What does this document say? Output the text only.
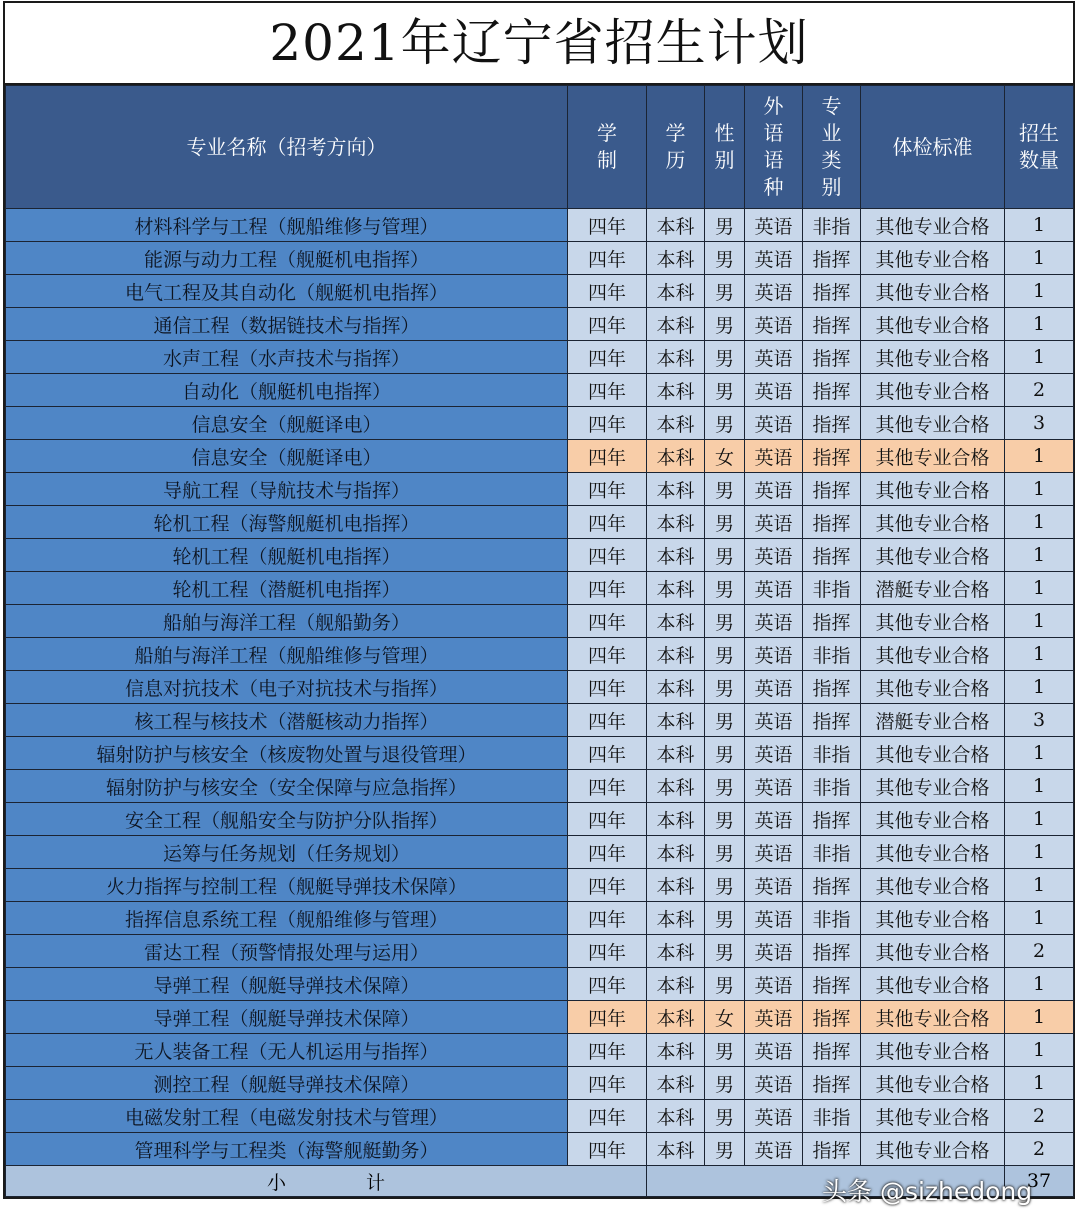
2021年辽宁省招生计划
专业名称（招考方向）	学制	学历	性别	外语语种	专业类别	体检标准	招生数量
材料科学与工程（舰船维修与管理）	四年	本科	男	英语	非指	其他专业合格	1
能源与动力工程（舰艇机电指挥）	四年	本科	男	英语	指挥	其他专业合格	1
电气工程及其自动化（舰艇机电指挥）	四年	本科	男	英语	指挥	其他专业合格	1
通信工程（数据链技术与指挥）	四年	本科	男	英语	指挥	其他专业合格	1
水声工程（水声技术与指挥）	四年	本科	男	英语	指挥	其他专业合格	1
自动化（舰艇机电指挥）	四年	本科	男	英语	指挥	其他专业合格	2
信息安全（舰艇译电）	四年	本科	男	英语	指挥	其他专业合格	3
信息安全（舰艇译电）	四年	本科	女	英语	指挥	其他专业合格	1
导航工程（导航技术与指挥）	四年	本科	男	英语	指挥	其他专业合格	1
轮机工程（海警舰艇机电指挥）	四年	本科	男	英语	指挥	其他专业合格	1
轮机工程（舰艇机电指挥）	四年	本科	男	英语	指挥	其他专业合格	1
轮机工程（潜艇机电指挥）	四年	本科	男	英语	非指	潜艇专业合格	1
船舶与海洋工程（舰船勤务）	四年	本科	男	英语	指挥	其他专业合格	1
船舶与海洋工程（舰船维修与管理）	四年	本科	男	英语	非指	其他专业合格	1
信息对抗技术（电子对抗技术与指挥）	四年	本科	男	英语	指挥	其他专业合格	1
核工程与核技术（潜艇核动力指挥）	四年	本科	男	英语	指挥	潜艇专业合格	3
辐射防护与核安全（核废物处置与退役管理）	四年	本科	男	英语	非指	其他专业合格	1
辐射防护与核安全（安全保障与应急指挥）	四年	本科	男	英语	非指	其他专业合格	1
安全工程（舰船安全与防护分队指挥）	四年	本科	男	英语	指挥	其他专业合格	1
运筹与任务规划（任务规划）	四年	本科	男	英语	非指	其他专业合格	1
火力指挥与控制工程（舰艇导弹技术保障）	四年	本科	男	英语	指挥	其他专业合格	1
指挥信息系统工程（舰船维修与管理）	四年	本科	男	英语	非指	其他专业合格	1
雷达工程（预警情报处理与运用）	四年	本科	男	英语	指挥	其他专业合格	2
导弹工程（舰艇导弹技术保障）	四年	本科	男	英语	指挥	其他专业合格	1
导弹工程（舰艇导弹技术保障）	四年	本科	女	英语	指挥	其他专业合格	1
无人装备工程（无人机运用与指挥）	四年	本科	男	英语	指挥	其他专业合格	1
测控工程（舰艇导弹技术保障）	四年	本科	男	英语	指挥	其他专业合格	1
电磁发射工程（电磁发射技术与管理）	四年	本科	男	英语	非指	其他专业合格	2
管理科学与工程类（海警舰艇勤务）	四年	本科	男	英语	指挥	其他专业合格	2
小 计							37
头条 @sizhedong
